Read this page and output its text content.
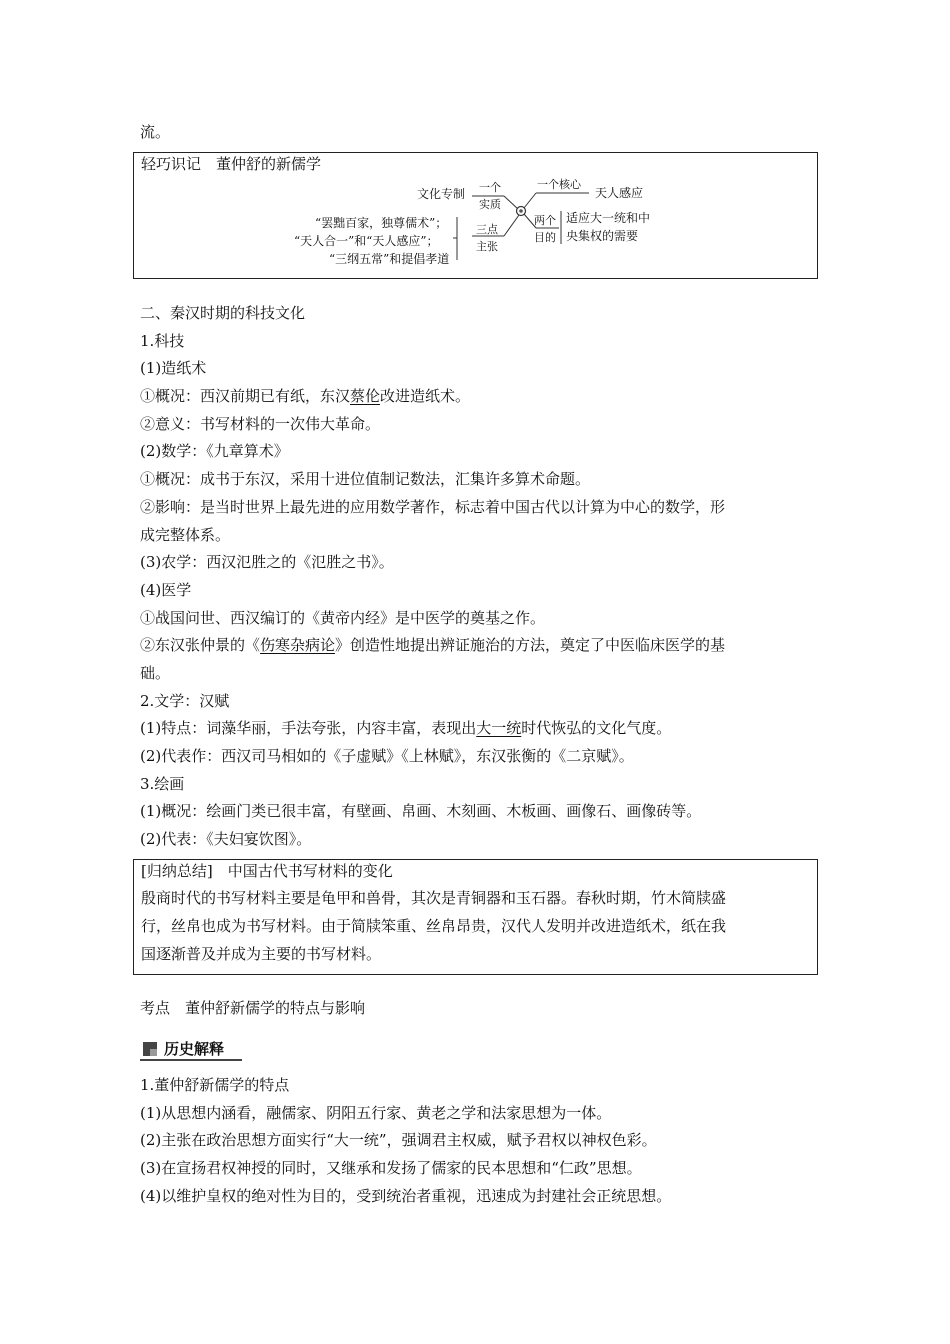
流。
轻巧识记　董仲舒的新儒学
文化专制 一个
实质
一个核心
天人感应
“罢黜百家，独尊儒术”；
“天人合一”和“天人感应”；
“三纲五常”和提倡孝道
三点
主张
两个
目的
适应大一统和中
央集权的需要
二、秦汉时期的科技文化
1.科技
(1)造纸术
①概况：西汉前期已有纸，东汉蔡伦改进造纸术。
②意义：书写材料的一次伟大革命。
(2)数学：《九章算术》
①概况：成书于东汉，采用十进位值制记数法，汇集许多算术命题。
②影响：是当时世界上最先进的应用数学著作，标志着中国古代以计算为中心的数学，形
成完整体系。
(3)农学：西汉氾胜之的《氾胜之书》。
(4)医学
①战国问世、西汉编订的《黄帝内经》是中医学的奠基之作。
②东汉张仲景的《伤寒杂病论》创造性地提出辨证施治的方法，奠定了中医临床医学的基
础。
2.文学：汉赋
(1)特点：词藻华丽，手法夸张，内容丰富，表现出大一统时代恢弘的文化气度。
(2)代表作：西汉司马相如的《子虚赋》《上林赋》，东汉张衡的《二京赋》。
3.绘画
(1)概况：绘画门类已很丰富，有壁画、帛画、木刻画、木板画、画像石、画像砖等。
(2)代表：《夫妇宴饮图》。
[归纳总结]　中国古代书写材料的变化
殷商时代的书写材料主要是龟甲和兽骨，其次是青铜器和玉石器。春秋时期，竹木简牍盛
行，丝帛也成为书写材料。由于简牍笨重、丝帛昂贵，汉代人发明并改进造纸术，纸在我
国逐渐普及并成为主要的书写材料。
考点　董仲舒新儒学的特点与影响
历史解释
1.董仲舒新儒学的特点
(1)从思想内涵看，融儒家、阴阳五行家、黄老之学和法家思想为一体。
(2)主张在政治思想方面实行“大一统”，强调君主权威，赋予君权以神权色彩。
(3)在宣扬君权神授的同时，又继承和发扬了儒家的民本思想和“仁政”思想。
(4)以维护皇权的绝对性为目的，受到统治者重视，迅速成为封建社会正统思想。
